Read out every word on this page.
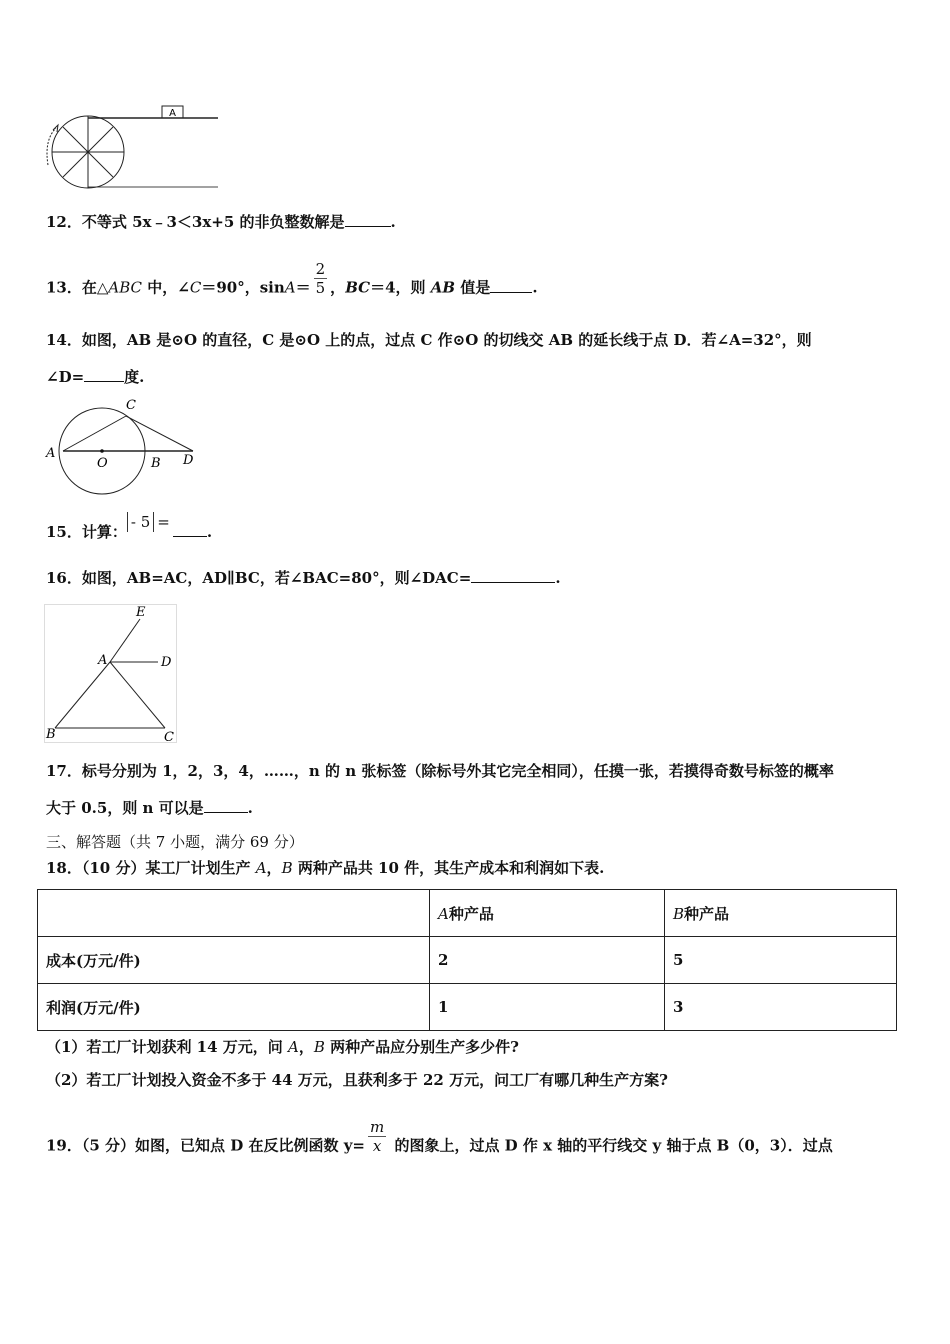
A
12．不等式 5x﹣3＜3x+5 的非负整数解是	.
13．在△ABC 中，∠C＝90°，$\sin A= \frac{2}{5}$ ，BC＝4，则 AB 值是	.
14．如图，AB 是⊙O 的直径，C 是⊙O 上的点，过点 C 作⊙O 的切线交 AB 的延长线于点 D．若∠A=32°，则
∠D=	度.
A
O	B D
C
15．计算：- 5 =.
16．如图，AB=AC，AD∥BC，若∠BAC=80°，则∠DAC=	.
E
A	D
B	C
17．标号分别为 1，2，3，4，……，n 的 n 张标签（除标号外其它完全相同），任摸一张，若摸得奇数号标签的概率
大于 0.5，则 n 可以是	.
三、解答题（共 7 小题，满分 69 分）
18．（10 分）某工厂计划生产 A，B 两种产品共 10 件，其生产成本和利润如下表.
	A种产品	B种产品
成本(万元/件)	2	5
利润(万元/件)	1	3
（1）若工厂计划获利 14 万元，问 A，B 两种产品应分别生产多少件?
（2）若工厂计划投入资金不多于 44 万元，且获利多于 22 万元，问工厂有哪几种生产方案?
19．（5 分）如图，已知点 D 在反比例函数 $y= \frac{m}{x}$ 的图象上，过点 D 作 x 轴的平行线交 y 轴于点 B（0，3）．过点
